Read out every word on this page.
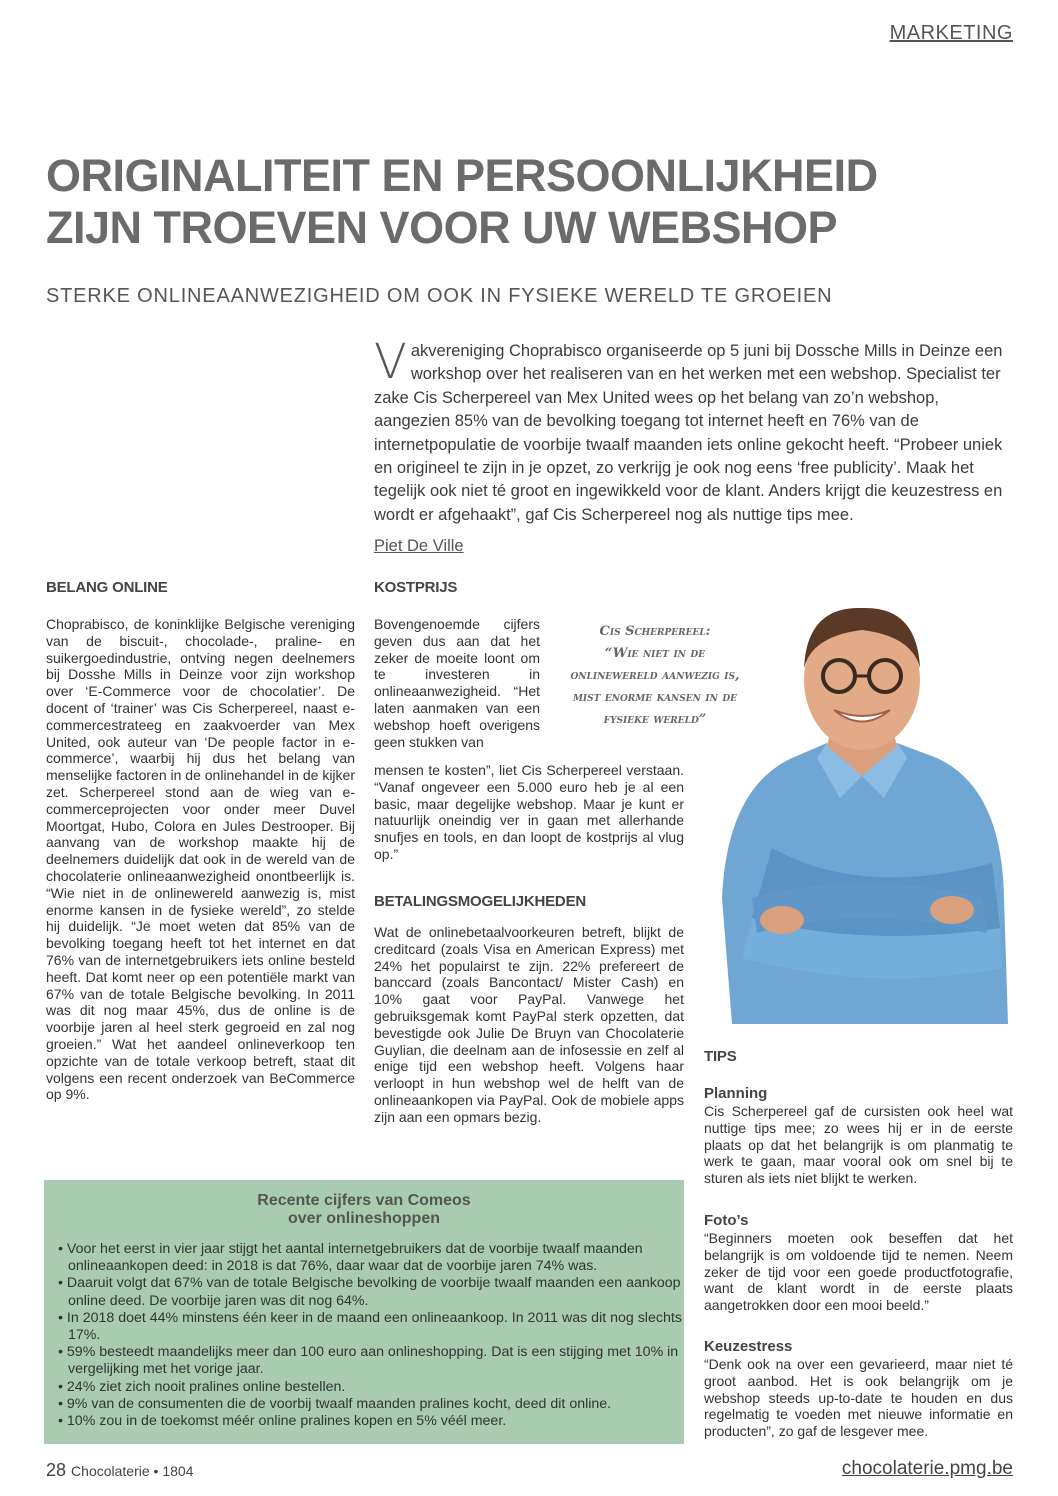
MARKETING
ORIGINALITEIT EN PERSOONLIJKHEID
ZIJN TROEVEN VOOR UW WEBSHOP
STERKE ONLINEAANWEZIGHEID OM OOK IN FYSIEKE WERELD TE GROEIEN
Vakvereniging Choprabisco organiseerde op 5 juni bij Dossche Mills in Deinze een workshop over het realiseren van en het werken met een webshop. Specialist ter zake Cis Scherpereel van Mex United wees op het belang van zo’n webshop, aangezien 85% van de bevolking toegang tot internet heeft en 76% van de internetpopulatie de voorbije twaalf maanden iets online gekocht heeft. “Probeer uniek en origineel te zijn in je opzet, zo verkrijg je ook nog eens ‘free publicity’. Maak het tegelijk ook niet té groot en ingewikkeld voor de klant. Anders krijgt die keuzestress en wordt er afgehaakt”, gaf Cis Scherpereel nog als nuttige tips mee.
Piet De Ville
BELANG ONLINE
Choprabisco, de koninklijke Belgische vereniging van de biscuit-, chocolade-, praline- en suikergoedindustrie, ontving negen deelnemers bij Dosshe Mills in Deinze voor zijn workshop over ‘E-Commerce voor de chocolatier’. De docent of ‘trainer’ was Cis Scherpereel, naast e-commercestrateeg en zaakvoerder van Mex United, ook auteur van ‘De people factor in e-commerce’, waarbij hij dus het belang van menselijke factoren in de onlinehandel in de kijker zet. Scherpereel stond aan de wieg van e-commerceprojecten voor onder meer Duvel Moortgat, Hubo, Colora en Jules Destrooper. Bij aanvang van de workshop maakte hij de deelnemers duidelijk dat ook in de wereld van de chocolaterie onlineaanwezigheid onontbeerlijk is. “Wie niet in de onlinewereld aanwezig is, mist enorme kansen in de fysieke wereld”, zo stelde hij duidelijk. “Je moet weten dat 85% van de bevolking toegang heeft tot het internet en dat 76% van de internetgebruikers iets online besteld heeft. Dat komt neer op een potentiële markt van 67% van de totale Belgische bevolking. In 2011 was dit nog maar 45%, dus de online is de voorbije jaren al heel sterk gegroeid en zal nog groeien.” Wat het aandeel onlineverkoop ten opzichte van de totale verkoop betreft, staat dit volgens een recent onderzoek van BeCommerce op 9%.
KOSTPRIJS
Bovengenoemde cijfers geven dus aan dat het zeker de moeite loont om te investeren in onlineaanwezigheid. “Het laten aanmaken van een webshop hoeft overigens geen stukken van
mensen te kosten”, liet Cis Scherpereel verstaan. “Vanaf ongeveer een 5.000 euro heb je al een basic, maar degelijke webshop. Maar je kunt er natuurlijk oneindig ver in gaan met allerhande snufjes en tools, en dan loopt de kostprijs al vlug op.”
Cis Scherpereel:
“Wie niet in de onlinewereld aanwezig is, mist enorme kansen in de fysieke wereld”
BETALINGSMOGELIJKHEDEN
Wat de onlinebetaalvoorkeuren betreft, blijkt de creditcard (zoals Visa en American Express) met 24% het populairst te zijn. 22% prefereert de banccard (zoals Bancontact/ Mister Cash) en 10% gaat voor PayPal. Vanwege het gebruiksgemak komt PayPal sterk opzetten, dat bevestigde ook Julie De Bruyn van Chocolaterie Guylian, die deelnam aan de infosessie en zelf al enige tijd een webshop heeft. Volgens haar verloopt in hun webshop wel de helft van de onlineaankopen via PayPal. Ook de mobiele apps zijn aan een opmars bezig.
TIPS
Planning
Cis Scherpereel gaf de cursisten ook heel wat nuttige tips mee; zo wees hij er in de eerste plaats op dat het belangrijk is om planmatig te werk te gaan, maar vooral ook om snel bij te sturen als iets niet blijkt te werken.
Foto’s
“Beginners moeten ook beseffen dat het belangrijk is om voldoende tijd te nemen. Neem zeker de tijd voor een goede productfotografie, want de klant wordt in de eerste plaats aangetrokken door een mooi beeld.”
Keuzestress
“Denk ook na over een gevarieerd, maar niet té groot aanbod. Het is ook belangrijk om je webshop steeds up-to-date te houden en dus regelmatig te voeden met nieuwe informatie en producten”, zo gaf de lesgever mee.
Recente cijfers van Comeos
over onlineshoppen
• Voor het eerst in vier jaar stijgt het aantal internetgebruikers dat de voorbije twaalf maanden onlineaankopen deed: in 2018 is dat 76%, daar waar dat de voorbije jaren 74% was.
• Daaruit volgt dat 67% van de totale Belgische bevolking de voorbije twaalf maanden een aankoop online deed. De voorbije jaren was dit nog 64%.
• In 2018 doet 44% minstens één keer in de maand een onlineaankoop. In 2011 was dit nog slechts 17%.
• 59% besteedt maandelijks meer dan 100 euro aan onlineshopping. Dat is een stijging met 10% in vergelijking met het vorige jaar.
• 24% ziet zich nooit pralines online bestellen.
• 9% van de consumenten die de voorbij twaalf maanden pralines kocht, deed dit online.
• 10% zou in de toekomst méér online pralines kopen en 5% véél meer.
28 Chocolaterie • 1804	chocolaterie.pmg.be
